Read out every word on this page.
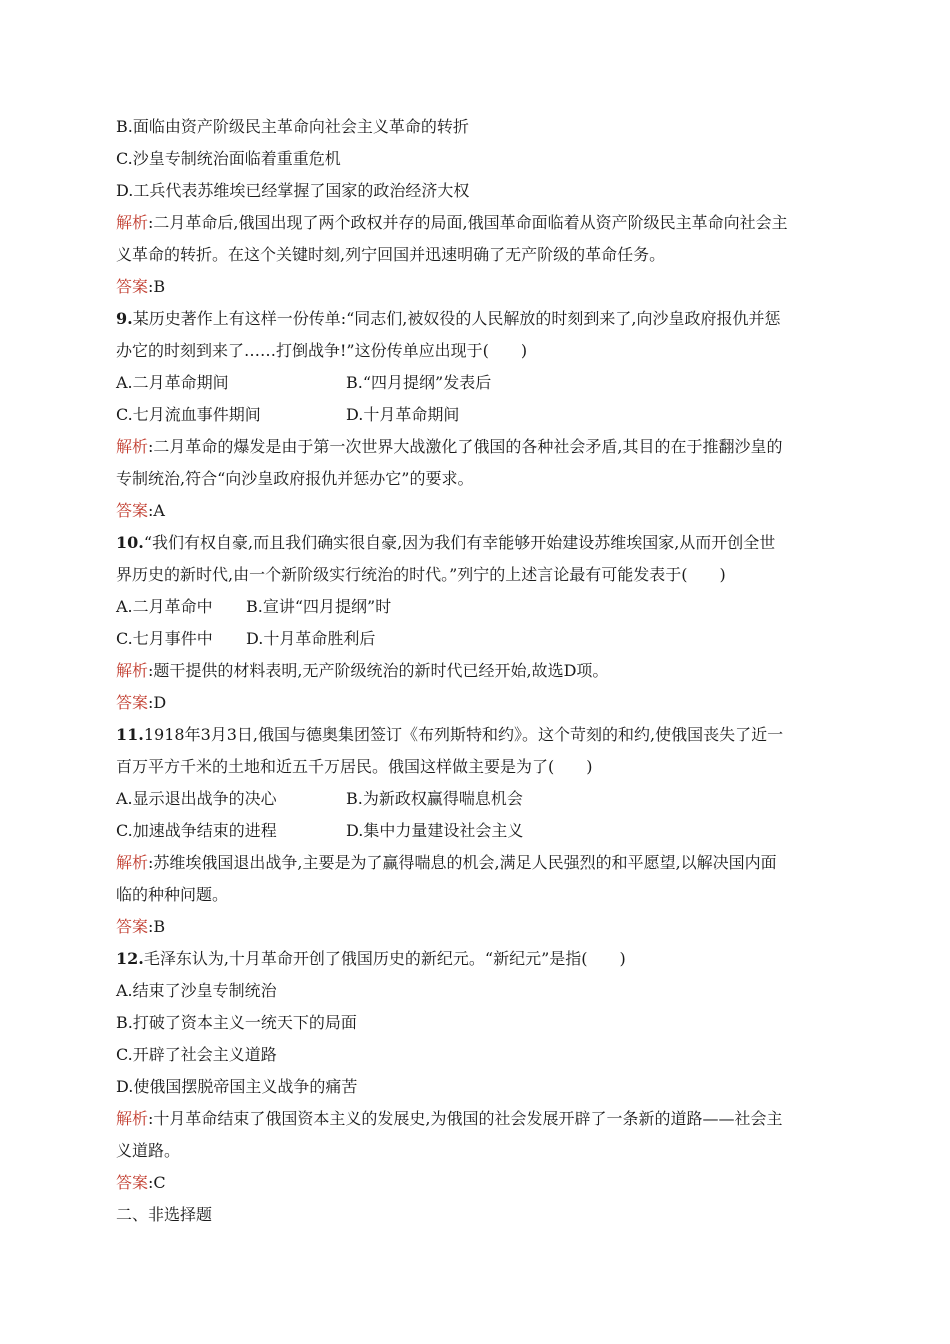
B.面临由资产阶级民主革命向社会主义革命的转折
C.沙皇专制统治面临着重重危机
D.工兵代表苏维埃已经掌握了国家的政治经济大权
解析:二月革命后,俄国出现了两个政权并存的局面,俄国革命面临着从资产阶级民主革命向社会主
义革命的转折。在这个关键时刻,列宁回国并迅速明确了无产阶级的革命任务。
答案:B
9.某历史著作上有这样一份传单:“同志们,被奴役的人民解放的时刻到来了,向沙皇政府报仇并惩
办它的时刻到来了……打倒战争!”这份传单应出现于(　　)
A.二月革命期间	B.“四月提纲”发表后
C.七月流血事件期间	D.十月革命期间
解析:二月革命的爆发是由于第一次世界大战激化了俄国的各种社会矛盾,其目的在于推翻沙皇的
专制统治,符合“向沙皇政府报仇并惩办它”的要求。
答案:A
10.“我们有权自豪,而且我们确实很自豪,因为我们有幸能够开始建设苏维埃国家,从而开创全世
界历史的新时代,由一个新阶级实行统治的时代。”列宁的上述言论最有可能发表于(　　)
A.二月革命中 B.宣讲“四月提纲”时
C.七月事件中 D.十月革命胜利后
解析:题干提供的材料表明,无产阶级统治的新时代已经开始,故选D项。
答案:D
11.1918年3月3日,俄国与德奥集团签订《布列斯特和约》。这个苛刻的和约,使俄国丧失了近一
百万平方千米的土地和近五千万居民。俄国这样做主要是为了(　　)
A.显示退出战争的决心	B.为新政权赢得喘息机会
C.加速战争结束的进程	D.集中力量建设社会主义
解析:苏维埃俄国退出战争,主要是为了赢得喘息的机会,满足人民强烈的和平愿望,以解决国内面
临的种种问题。
答案:B
12.毛泽东认为,十月革命开创了俄国历史的新纪元。“新纪元”是指(　　)
A.结束了沙皇专制统治
B.打破了资本主义一统天下的局面
C.开辟了社会主义道路
D.使俄国摆脱帝国主义战争的痛苦
解析:十月革命结束了俄国资本主义的发展史,为俄国的社会发展开辟了一条新的道路——社会主
义道路。
答案:C
二、非选择题
